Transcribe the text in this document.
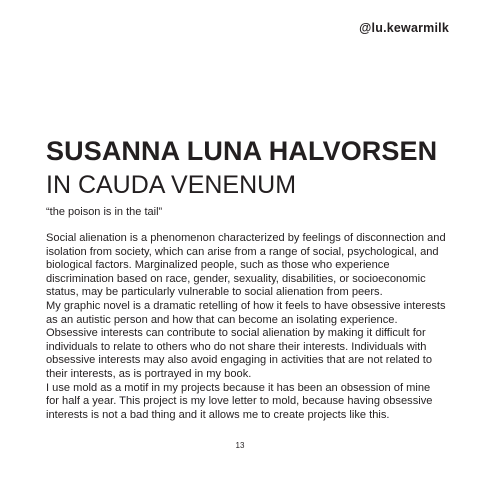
@lu.kewarmilk
SUSANNA LUNA HALVORSEN
IN CAUDA VENENUM
“the poison is in the tail”

Social alienation is a phenomenon characterized by feelings of disconnection and isolation from society, which can arise from a range of social, psychological, and biological factors. Marginalized people, such as those who experience discrimination based on race, gender, sexuality, disabilities, or socioeconomic status, may be particularly vulnerable to social alienation from peers.

My graphic novel is a dramatic retelling of how it feels to have obsessive interests as an autistic person and how that can become an isolating experience. Obsessive interests can contribute to social alienation by making it difficult for individuals to relate to others who do not share their interests. Individuals with obsessive interests may also avoid engaging in activities that are not related to their interests, as is portrayed in my book.

I use mold as a motif in my projects because it has been an obsession of mine for half a year. This project is my love letter to mold, because having obsessive interests is not a bad thing and it allows me to create projects like this.

13
